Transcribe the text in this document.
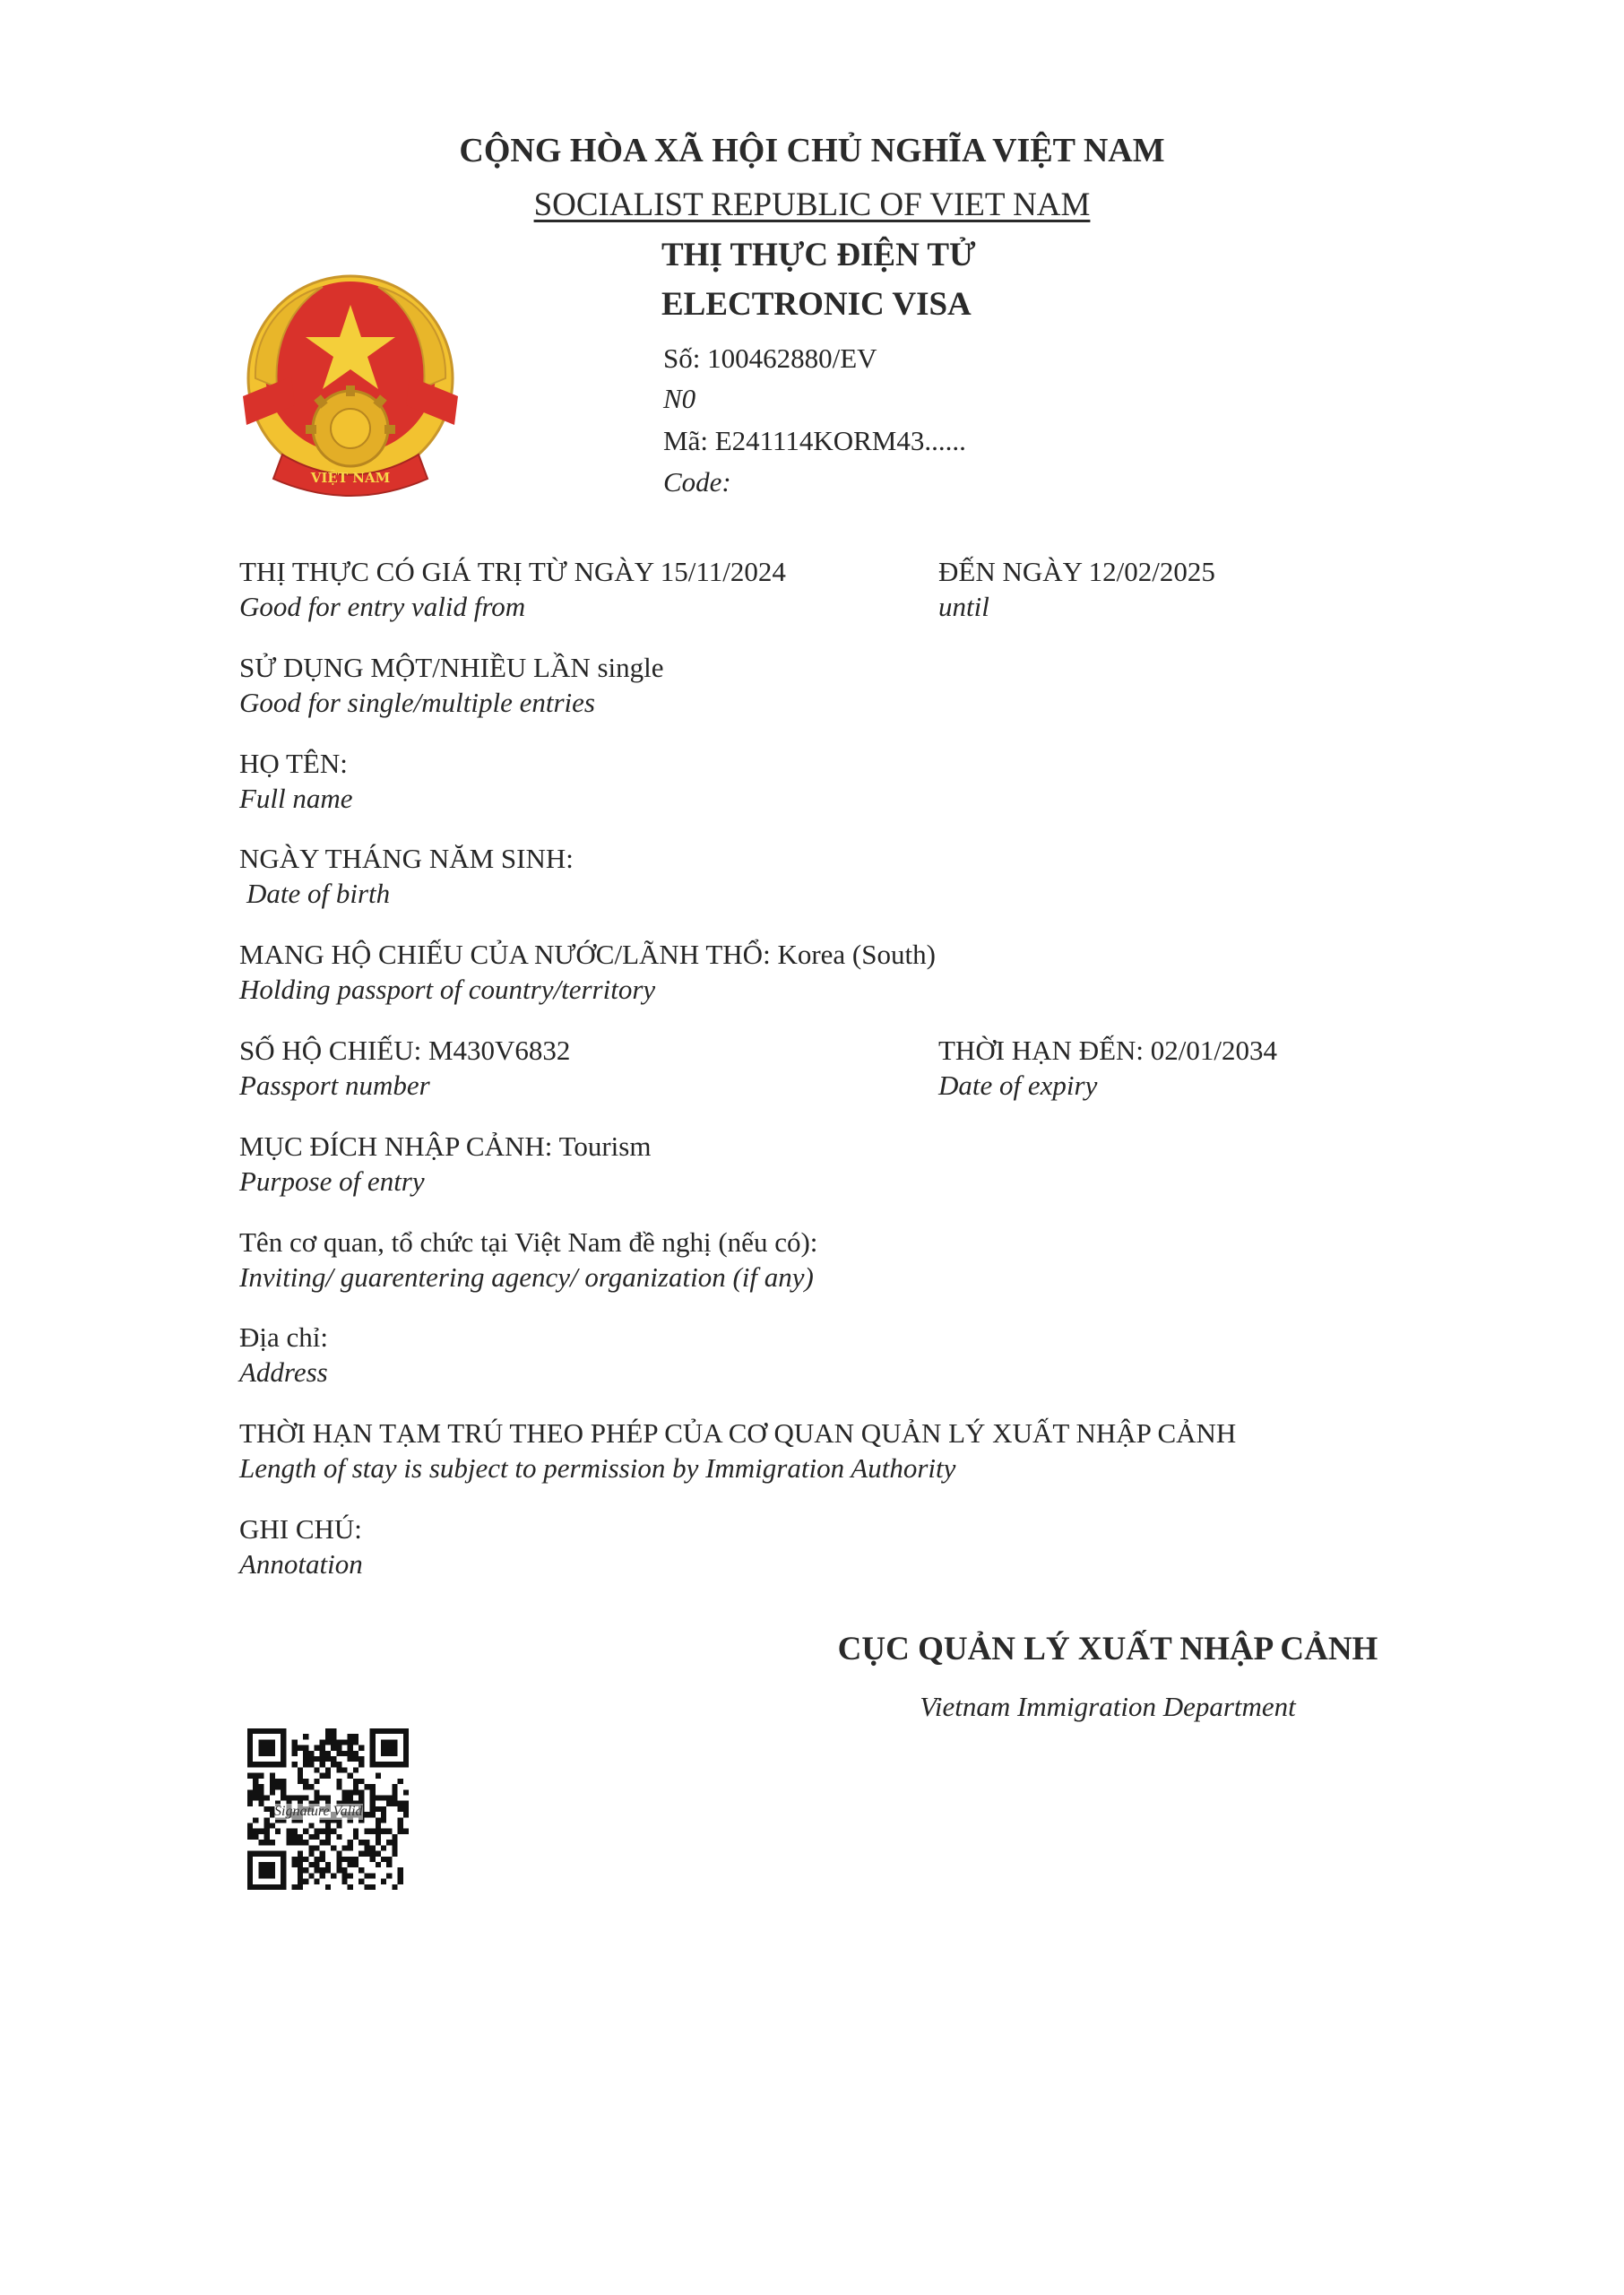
CỘNG HÒA XÃ HỘI CHỦ NGHĨA VIỆT NAM
SOCIALIST REPUBLIC OF VIET NAM
THỊ THỰC ĐIỆN TỬ
ELECTRONIC VISA
Số: 100462880/EV
N0
Mã: E241114KORM43......
Code:
VIỆT NAM
THỊ THỰC CÓ GIÁ TRỊ TỪ NGÀY 15/11/2024
Good for entry valid from
ĐẾN NGÀY 12/02/2025
until
SỬ DỤNG MỘT/NHIỀU LẦN single
Good for single/multiple entries
HỌ TÊN:
Full name
NGÀY THÁNG NĂM SINH:
Date of birth
MANG HỘ CHIẾU CỦA NƯỚC/LÃNH THỔ: Korea (South)
Holding passport of country/territory
SỐ HỘ CHIẾU: M430V6832
Passport number
THỜI HẠN ĐẾN: 02/01/2034
Date of expiry
MỤC ĐÍCH NHẬP CẢNH: Tourism
Purpose of entry
Tên cơ quan, tổ chức tại Việt Nam đề nghị (nếu có):
Inviting/ guarentering agency/ organization (if any)
Địa chỉ:
Address
THỜI HẠN TẠM TRÚ THEO PHÉP CỦA CƠ QUAN QUẢN LÝ XUẤT NHẬP CẢNH
Length of stay is subject to permission by Immigration Authority
GHI CHÚ:
Annotation
CỤC QUẢN LÝ XUẤT NHẬP CẢNH
Vietnam Immigration Department
Signature Valid
